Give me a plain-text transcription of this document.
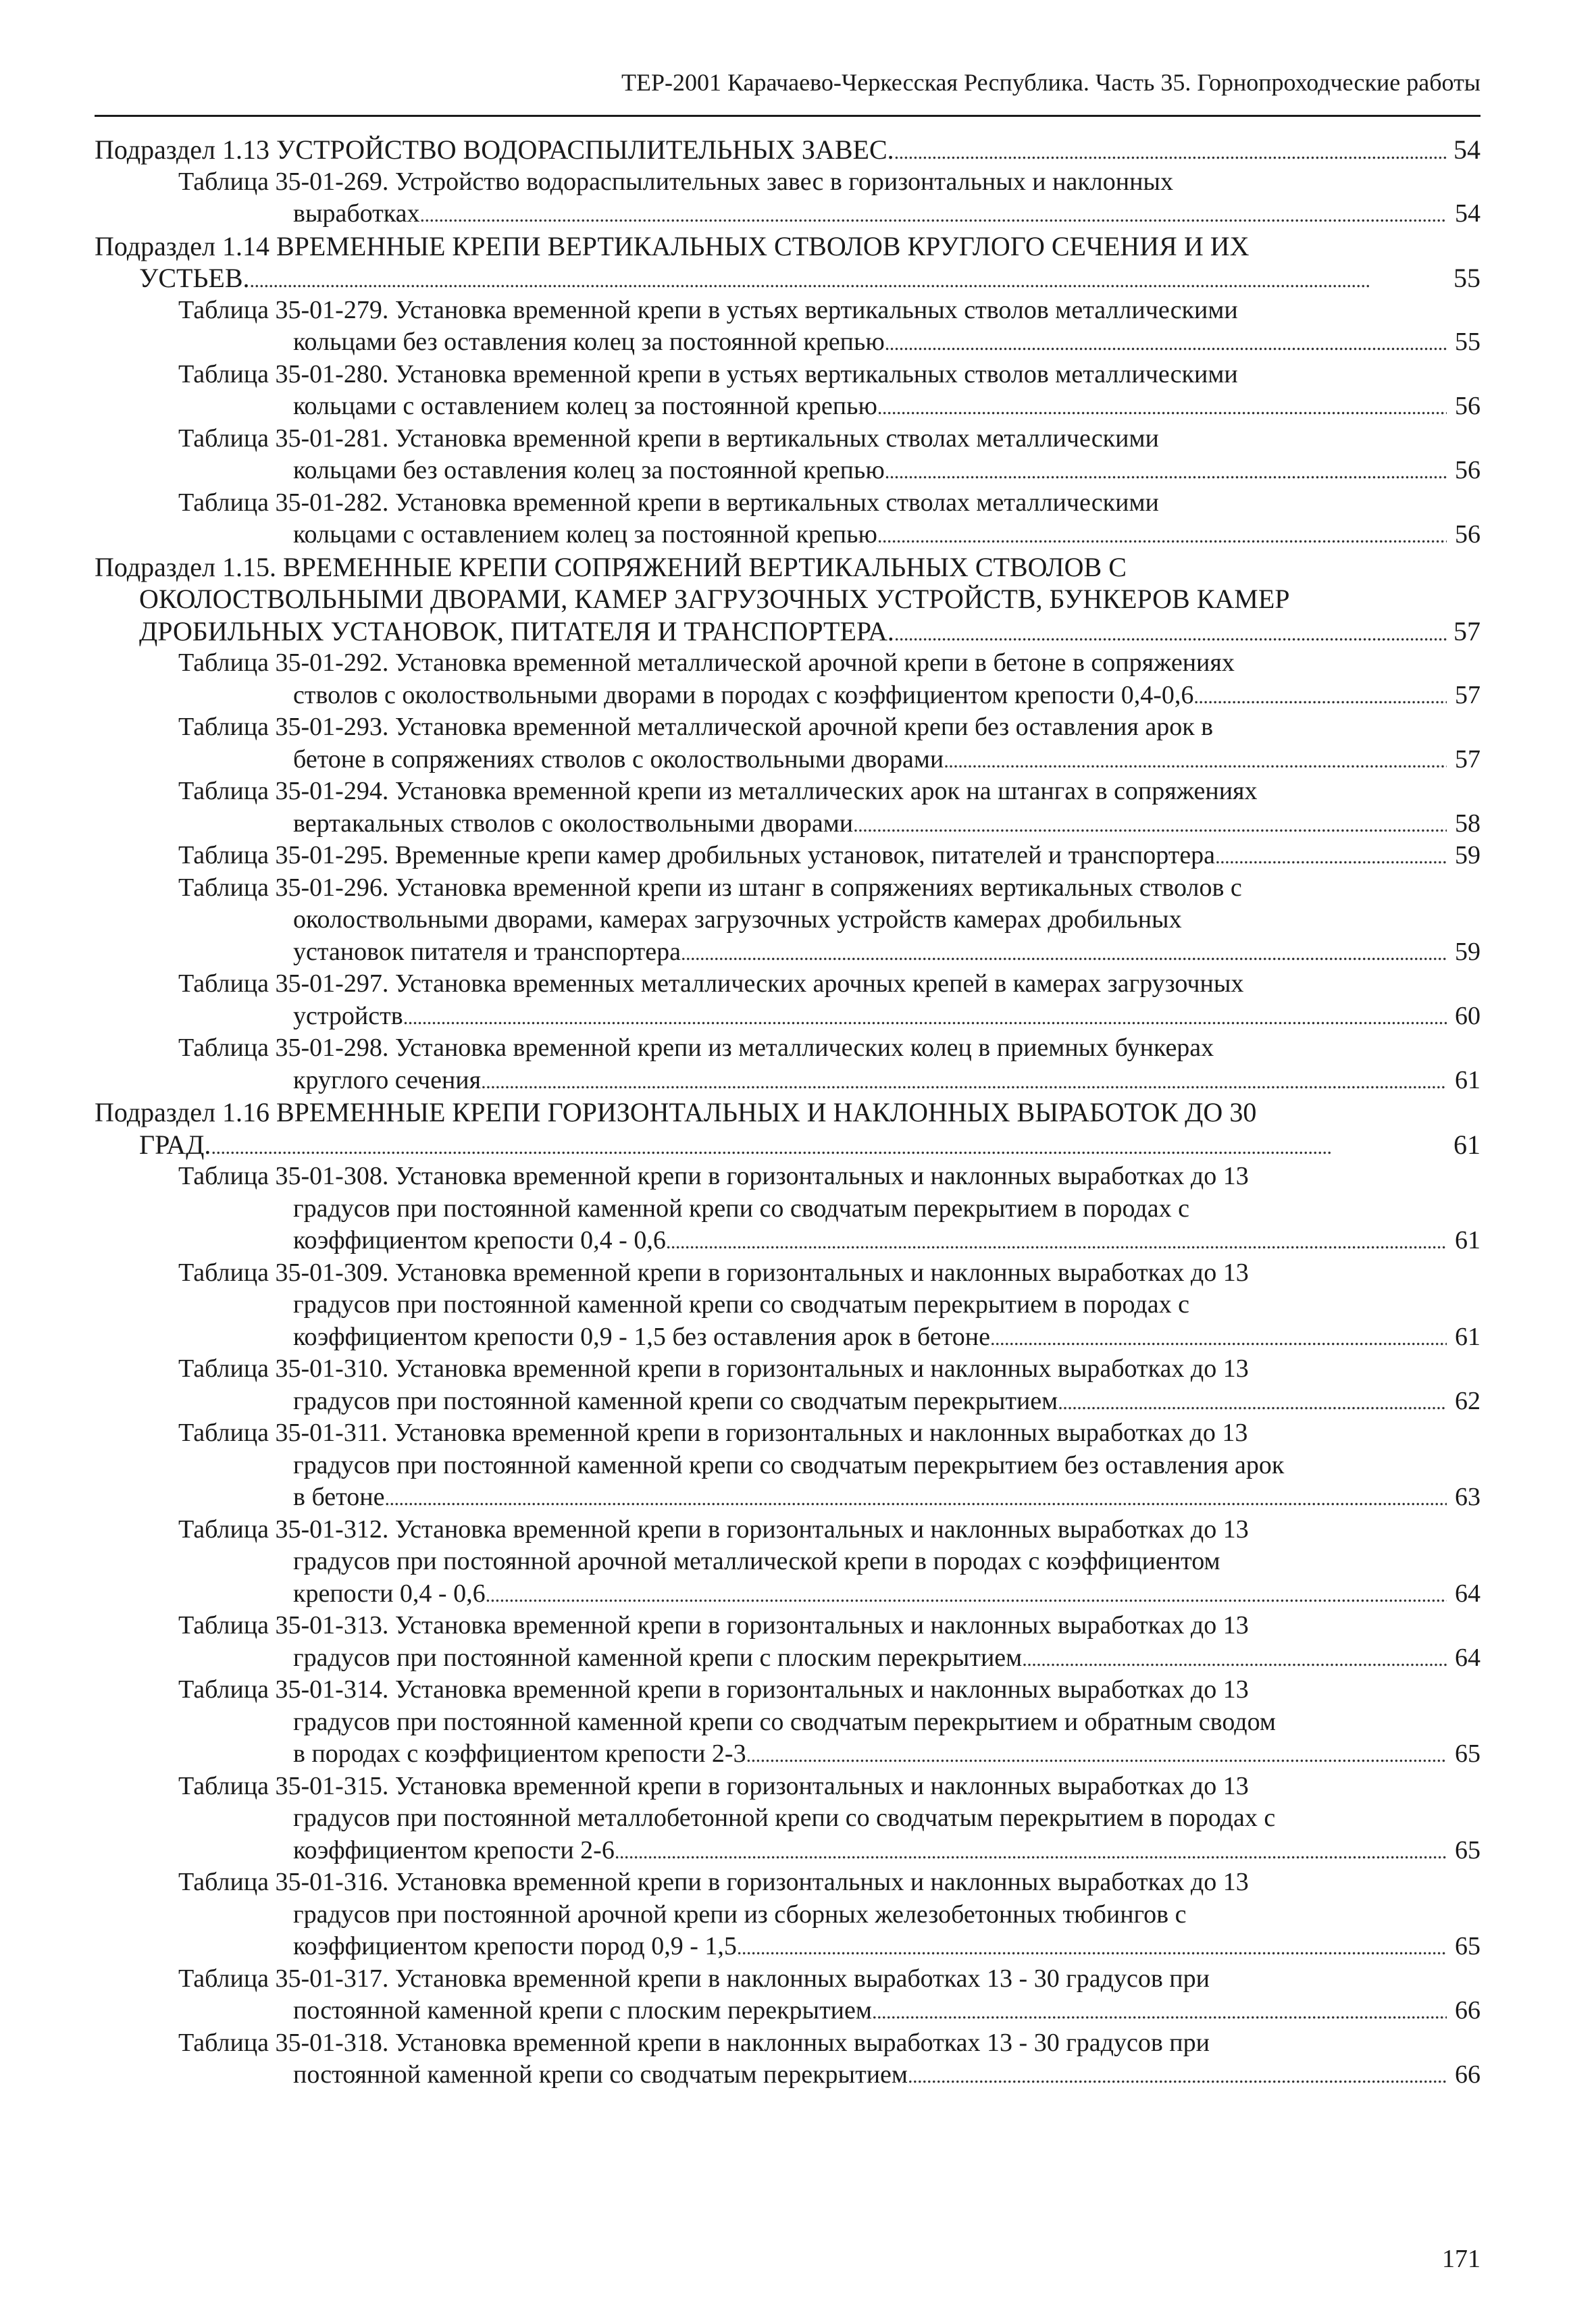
ТЕР-2001 Карачаево-Черкесская Республика. Часть 35. Горнопроходческие работы
Подраздел 1.13 УСТРОЙСТВО ВОДОРАСПЫЛИТЕЛЬНЫХ ЗАВЕС. . . .	54
Таблица 35-01-269. Устройство водораспылительных завес в горизонтальных и наклонных
выработках . . .	54
Подраздел 1.14 ВРЕМЕННЫЕ КРЕПИ ВЕРТИКАЛЬНЫХ СТВОЛОВ КРУГЛОГО СЕЧЕНИЯ И ИХ
УСТЬЕВ. . . .	55
Таблица 35-01-279. Установка временной крепи в устьях вертикальных стволов металлическими
кольцами без оставления колец за постоянной крепью . . .	55
Таблица 35-01-280. Установка временной крепи в устьях вертикальных стволов металлическими
кольцами с оставлением колец за постоянной крепью . . .	56
Таблица 35-01-281. Установка временной крепи в вертикальных стволах металлическими
кольцами без оставления колец за постоянной крепью . . .	56
Таблица 35-01-282. Установка временной крепи в вертикальных стволах металлическими
кольцами с оставлением колец за постоянной крепью . . .	56
Подраздел 1.15. ВРЕМЕННЫЕ КРЕПИ СОПРЯЖЕНИЙ ВЕРТИКАЛЬНЫХ СТВОЛОВ С
ОКОЛОСТВОЛЬНЫМИ ДВОРАМИ, КАМЕР ЗАГРУЗОЧНЫХ УСТРОЙСТВ, БУНКЕРОВ КАМЕР
ДРОБИЛЬНЫХ УСТАНОВОК, ПИТАТЕЛЯ И ТРАНСПОРТЕРА. . . .	57
Таблица 35-01-292. Установка временной металлической арочной крепи в бетоне в сопряжениях
стволов с околоствольными дворами в породах с коэффициентом крепости 0,4-0,6 . . .	57
Таблица 35-01-293. Установка временной металлической арочной крепи без оставления арок в
бетоне в сопряжениях стволов с околоствольными дворами . . .	57
Таблица 35-01-294. Установка временной крепи из металлических арок на штангах в сопряжениях
вертакальных стволов с околоствольными дворами . . .	58
Таблица 35-01-295. Временные крепи камер дробильных установок, питателей и транспортера . . .	59
Таблица 35-01-296. Установка временной крепи из штанг в сопряжениях вертикальных стволов с
околоствольными дворами, камерах загрузочных устройств камерах дробильных
установок питателя и транспортера . . .	59
Таблица 35-01-297. Установка временных металлических арочных крепей в камерах загрузочных
устройств . . .	60
Таблица 35-01-298. Установка временной крепи из металлических колец в приемных бункерах
круглого сечения . . .	61
Подраздел 1.16 ВРЕМЕННЫЕ КРЕПИ ГОРИЗОНТАЛЬНЫХ И НАКЛОННЫХ ВЫРАБОТОК ДО 30
ГРАД. . . .	61
Таблица 35-01-308. Установка временной крепи в горизонтальных и наклонных выработках до 13
градусов при постоянной каменной крепи со сводчатым перекрытием в породах с
коэффициентом крепости 0,4 - 0,6 . . .	61
Таблица 35-01-309. Установка временной крепи в горизонтальных и наклонных выработках до 13
градусов при постоянной каменной крепи со сводчатым перекрытием в породах с
коэффициентом крепости 0,9 - 1,5 без оставления арок в бетоне . . .	61
Таблица 35-01-310. Установка временной крепи в горизонтальных и наклонных выработках до 13
градусов при постоянной каменной крепи со сводчатым перекрытием . . .	62
Таблица 35-01-311. Установка временной крепи в горизонтальных и наклонных выработках до 13
градусов при постоянной каменной крепи со сводчатым перекрытием без оставления арок
в бетоне . . .	63
Таблица 35-01-312. Установка временной крепи в горизонтальных и наклонных выработках до 13
градусов при постоянной арочной металлической крепи в породах с коэффициентом
крепости 0,4 - 0,6 . . .	64
Таблица 35-01-313. Установка временной крепи в горизонтальных и наклонных выработках до 13
градусов при постоянной каменной крепи с плоским перекрытием . . .	64
Таблица 35-01-314. Установка временной крепи в горизонтальных и наклонных выработках до 13
градусов при постоянной каменной крепи со сводчатым перекрытием и обратным сводом
в породах с коэффициентом крепости 2-3 . . .	65
Таблица 35-01-315. Установка временной крепи в горизонтальных и наклонных выработках до 13
градусов при постоянной металлобетонной крепи со сводчатым перекрытием в породах с
коэффициентом крепости 2-6 . . .	65
Таблица 35-01-316. Установка временной крепи в горизонтальных и наклонных выработках до 13
градусов при постоянной арочной крепи из сборных железобетонных тюбингов с
коэффициентом крепости пород 0,9 - 1,5 . . .	65
Таблица 35-01-317. Установка временной крепи в наклонных выработках 13 - 30 градусов при
постоянной каменной крепи с плоским перекрытием . . .	66
Таблица 35-01-318. Установка временной крепи в наклонных выработках 13 - 30 градусов при
постоянной каменной крепи со сводчатым перекрытием . . .	66
171
